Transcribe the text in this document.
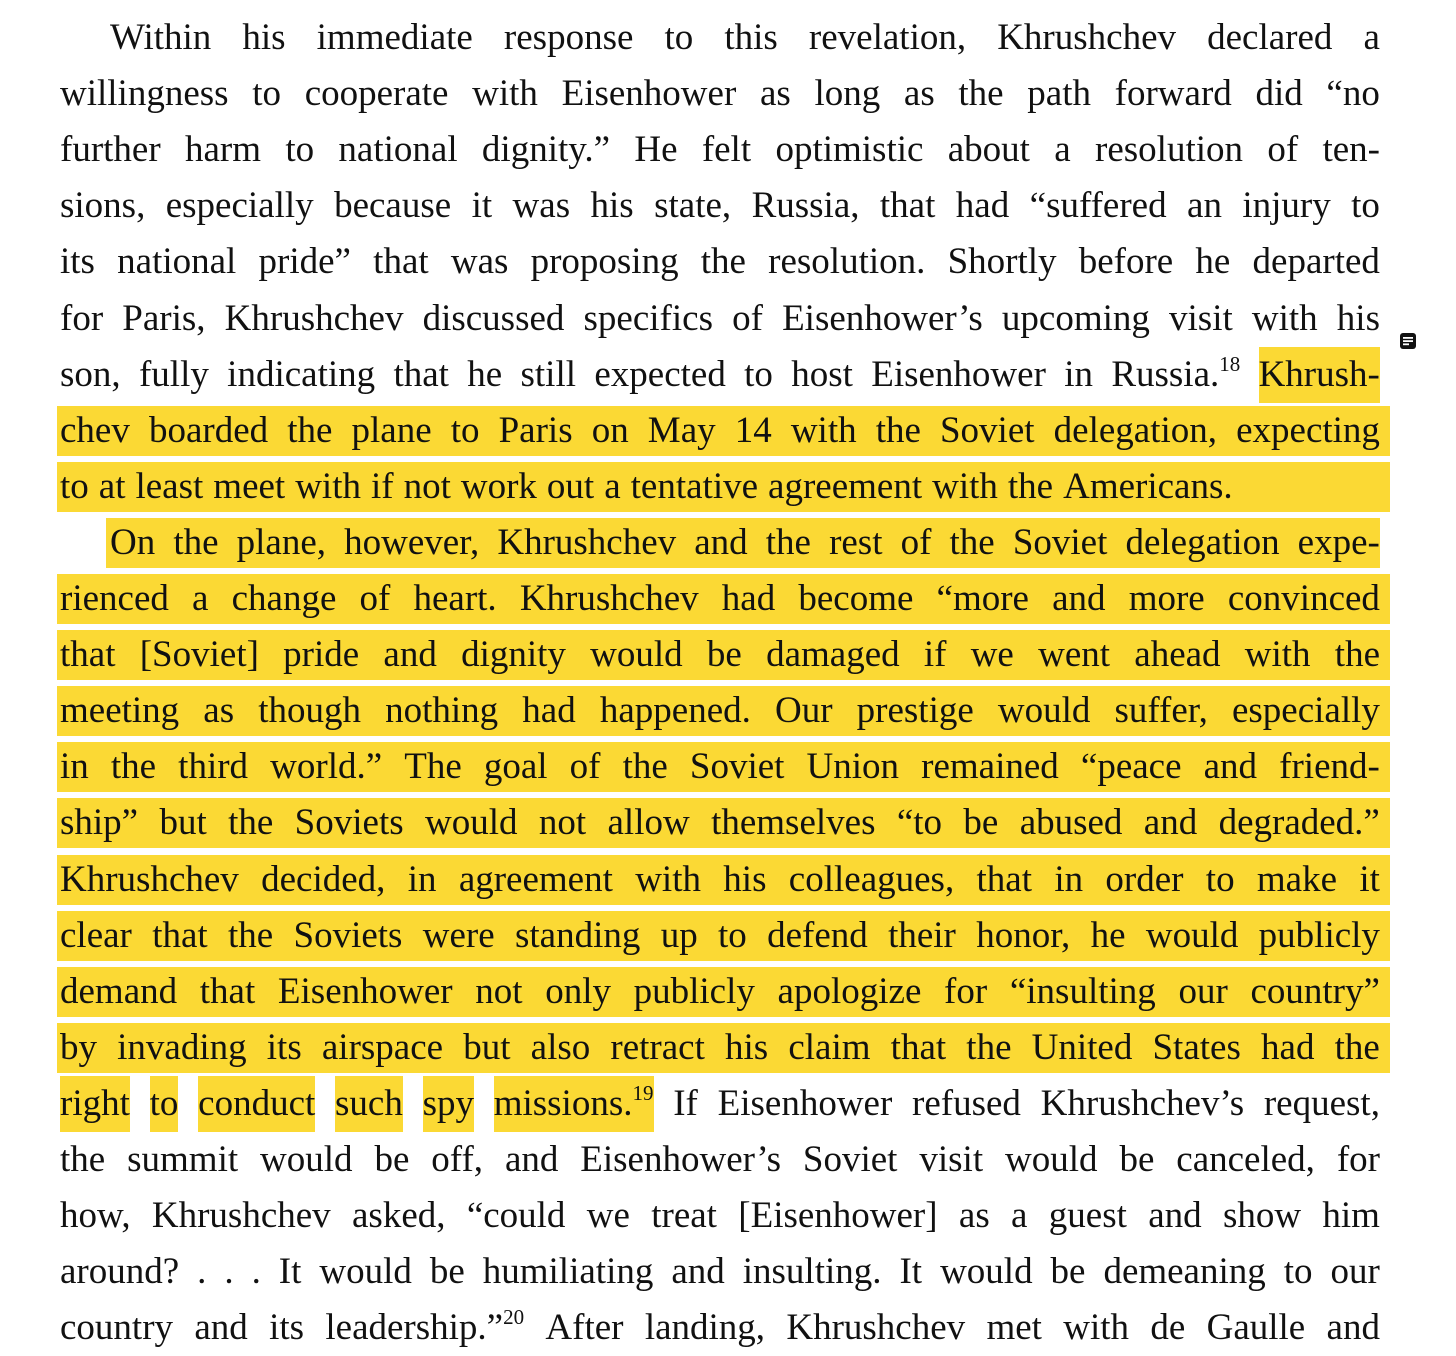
Within his immediate response to this revelation, Khrushchev declared a
willingness to cooperate with Eisenhower as long as the path forward did “no
further harm to national dignity.” He felt optimistic about a resolution of ten-
sions, especially because it was his state, Russia, that had “suffered an injury to
its national pride” that was proposing the resolution. Shortly before he departed
for Paris, Khrushchev discussed specifics of Eisenhower’s upcoming visit with his
son, fully indicating that he still expected to host Eisenhower in Russia.$^{18}$ Khrush-
chev boarded the plane to Paris on May 14 with the Soviet delegation, expecting
to at least meet with if not work out a tentative agreement with the Americans.
On the plane, however, Khrushchev and the rest of the Soviet delegation expe-
rienced a change of heart. Khrushchev had become “more and more convinced
that [Soviet] pride and dignity would be damaged if we went ahead with the
meeting as though nothing had happened. Our prestige would suffer, especially
in the third world.” The goal of the Soviet Union remained “peace and friend-
ship” but the Soviets would not allow themselves “to be abused and degraded.”
Khrushchev decided, in agreement with his colleagues, that in order to make it
clear that the Soviets were standing up to defend their honor, he would publicly
demand that Eisenhower not only publicly apologize for “insulting our country”
by invading its airspace but also retract his claim that the United States had the
right to conduct such spy missions.$^{19}$ If Eisenhower refused Khrushchev’s request,
the summit would be off, and Eisenhower’s Soviet visit would be canceled, for
how, Khrushchev asked, “could we treat [Eisenhower] as a guest and show him
around? . . . It would be humiliating and insulting. It would be demeaning to our
country and its leadership.”$^{20}$ After landing, Khrushchev met with de Gaulle and
